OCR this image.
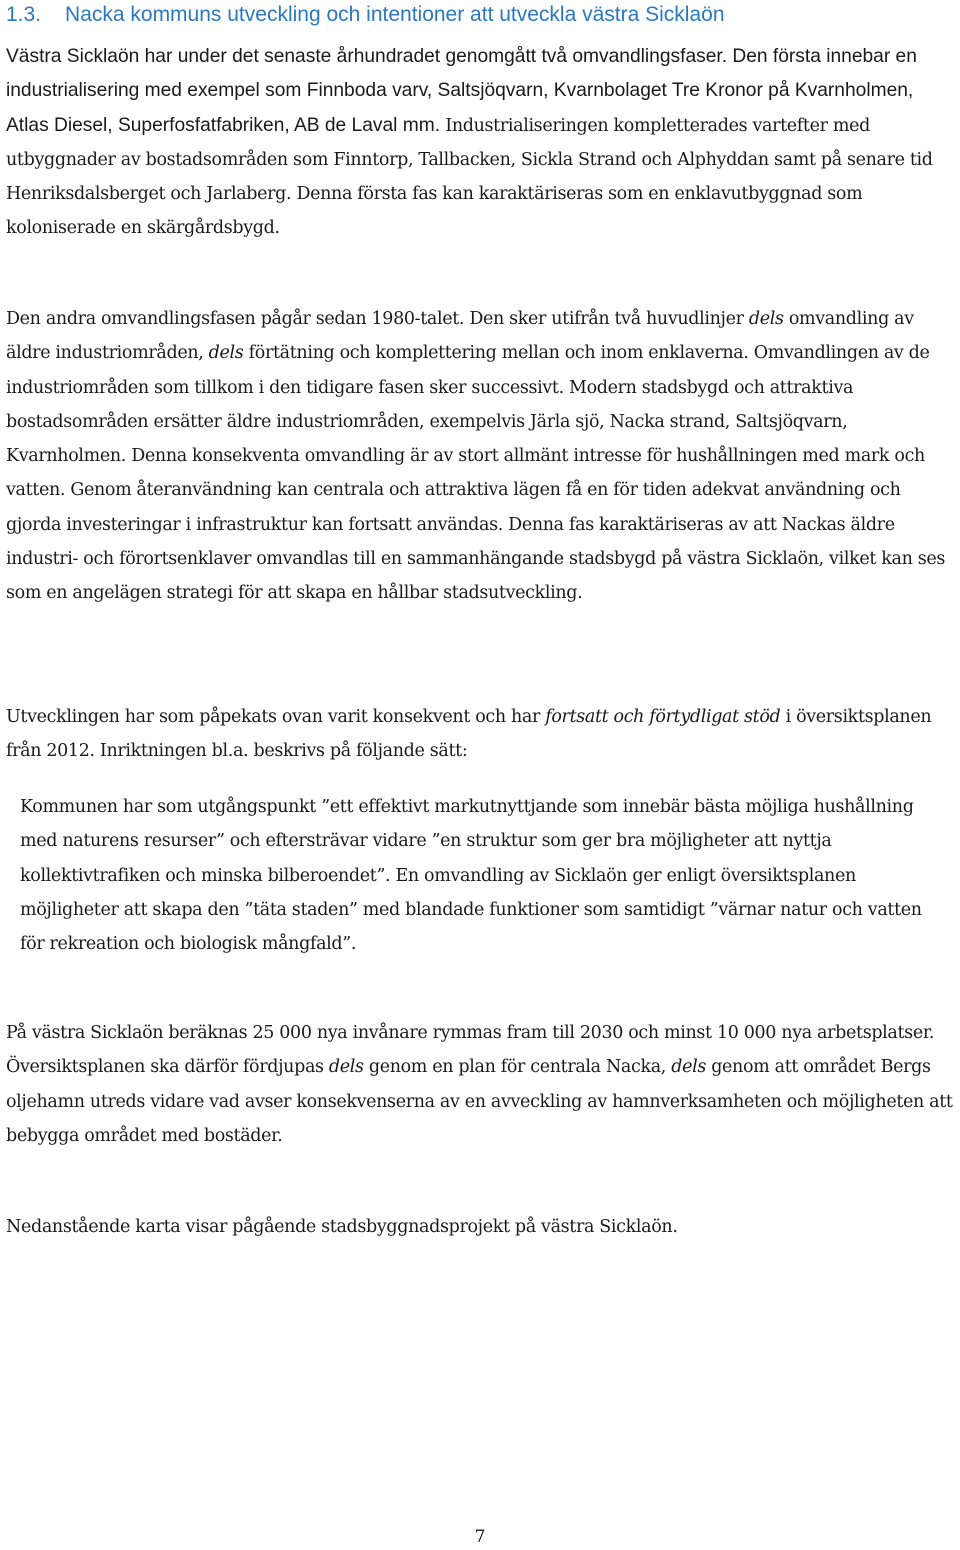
1.3. Nacka kommuns utveckling och intentioner att utveckla västra Sicklaön

Västra Sicklaön har under det senaste århundradet genomgått två omvandlingsfaser. Den första innebar en industrialisering med exempel som Finnboda varv, Saltsjöqvarn, Kvarnbolaget Tre Kronor på Kvarnholmen, Atlas Diesel, Superfosfatfabriken, AB de Laval mm. Industrialiseringen kompletterades vartefter med utbyggnader av bostadsområden som Finntorp, Tallbacken, Sickla Strand och Alphyddan samt på senare tid Henriksdalsberget och Jarlaberg. Denna första fas kan karaktäriseras som en enklavutbyggnad som koloniserade en skärgårdsbygd.

Den andra omvandlingsfasen pågår sedan 1980-talet. Den sker utifrån två huvudlinjer dels omvandling av äldre industriområden, dels förtätning och komplettering mellan och inom enklaverna. Omvandlingen av de industriområden som tillkom i den tidigare fasen sker successivt. Modern stadsbygd och attraktiva bostadsområden ersätter äldre industriområden, exempelvis Järla sjö, Nacka strand, Saltsjöqvarn, Kvarnholmen. Denna konsekventa omvandling är av stort allmänt intresse för hushållningen med mark och vatten. Genom återanvändning kan centrala och attraktiva lägen få en för tiden adekvat användning och gjorda investeringar i infrastruktur kan fortsatt användas. Denna fas karaktäriseras av att Nackas äldre industri- och förortsenklaver omvandlas till en sammanhängande stadsbygd på västra Sicklaön, vilket kan ses som en angelägen strategi för att skapa en hållbar stadsutveckling.

Utvecklingen har som påpekats ovan varit konsekvent och har fortsatt och förtydligat stöd i översiktsplanen från 2012. Inriktningen bl.a. beskrivs på följande sätt:

Kommunen har som utgångspunkt ”ett effektivt markutnyttjande som innebär bästa möjliga hushållning med naturens resurser” och eftersträvar vidare ”en struktur som ger bra möjligheter att nyttja kollektivtrafiken och minska bilberoendet”. En omvandling av Sicklaön ger enligt översiktsplanen möjligheter att skapa den ”täta staden” med blandade funktioner som samtidigt ”värnar natur och vatten för rekreation och biologisk mångfald”.

På västra Sicklaön beräknas 25 000 nya invånare rymmas fram till 2030 och minst 10 000 nya arbetsplatser. Översiktsplanen ska därför fördjupas dels genom en plan för centrala Nacka, dels genom att området Bergs oljehamn utreds vidare vad avser konsekvenserna av en avveckling av hamnverksamheten och möjligheten att bebygga området med bostäder.

Nedanstående karta visar pågående stadsbyggnadsprojekt på västra Sicklaön.

7
